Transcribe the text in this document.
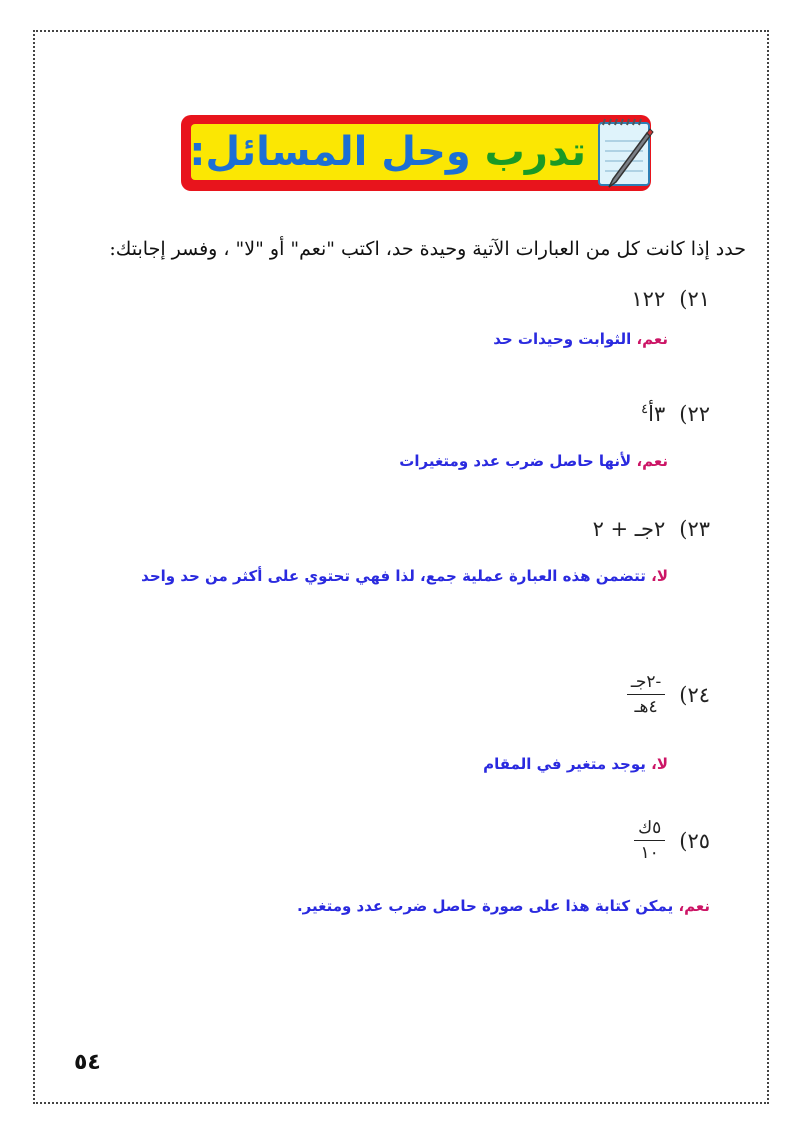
تدرب وحل المسائل:
حدد إذا كانت كل من العبارات الآتية وحيدة حد، اكتب "نعم" أو "لا" ، وفسر إجابتك:
٢١)١٢٢
نعم، الثوابت وحيدات حد
٢٢)٣أ$^٤$
نعم، لأنها حاصل ضرب عدد ومتغيرات
٢٣)٢جـ + ٢
لا، تتضمن هذه العبارة عملية جمع، لذا فهي تحتوي على أكثر من حد واحد
٢٤)
$\frac{\text{-٢جـ}}{\text{٤هـ}}$
لا، يوجد متغير في المقام
٢٥)
$\frac{\text{٥ك}}{١٠}$
نعم، يمكن كتابة هذا على صورة حاصل ضرب عدد ومتغير.
٥٤
